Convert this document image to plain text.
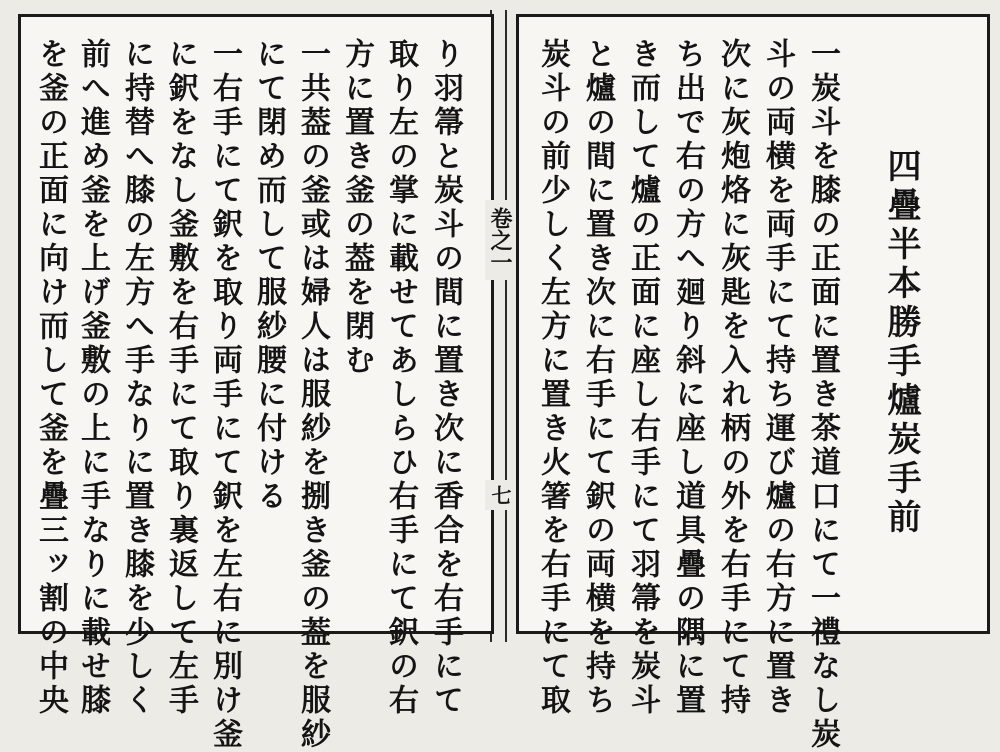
四疊半本勝手爐炭手前
一炭斗を膝の正面に置き茶道口にて一禮なし炭
斗の両横を両手にて持ち運び爐の右方に置き
次に灰炮烙に灰匙を入れ柄の外を右手にて持
ち出で右の方へ廻り斜に座し道具疊の隅に置
き而して爐の正面に座し右手にて羽箒を炭斗
と爐の間に置き次に右手にて鈬の両横を持ち
炭斗の前少しく左方に置き火箸を右手にて取
卷之一
七
り羽箒と炭斗の間に置き次に香合を右手にて
取り左の掌に載せてあしらひ右手にて鈬の右
方に置き釜の葢を閉む
一共葢の釜或は婦人は服紗を捌き釜の葢を服紗
にて閉め而して服紗腰に付ける
一右手にて鈬を取り両手にて鈬を左右に別け釜
に鈬をなし釜敷を右手にて取り裏返して左手
に持替へ膝の左方へ手なりに置き膝を少しく
前へ進め釜を上げ釜敷の上に手なりに載せ膝
を釜の正面に向け而して釜を疊三ッ割の中央
